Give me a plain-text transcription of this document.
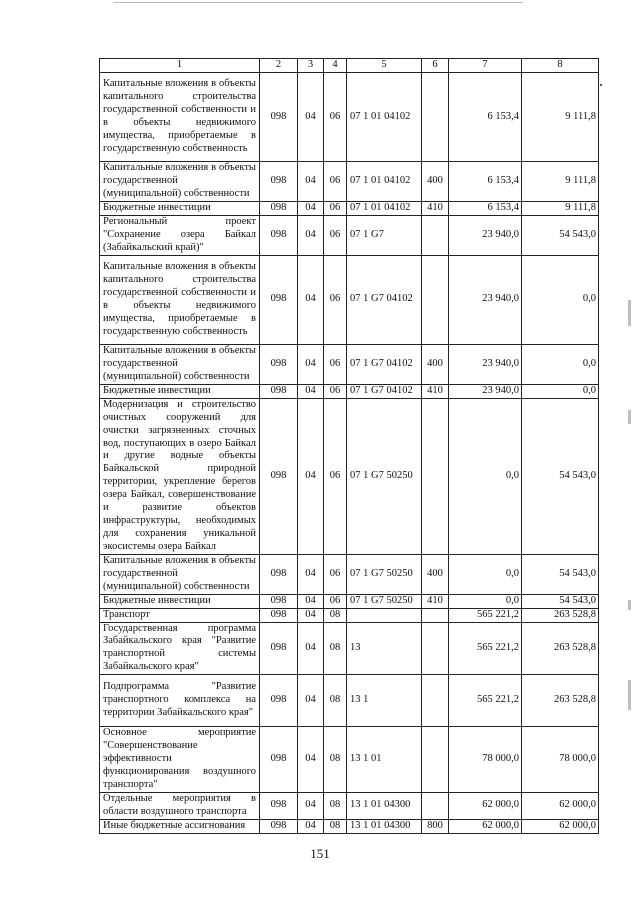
1	2	3	4	5	6	7	8
Капитальные вложения в объекты капитального строительства государственной собственности и в объекты недвижимого имущества, приобретаемые в государственную собственность	098	04	06	07 1 01 04102		6 153,4	9 111,8
Капитальные вложения в объекты государственной (муниципальной) собственности	098	04	06	07 1 01 04102	400	6 153,4	9 111,8
Бюджетные инвестиции	098	04	06	07 1 01 04102	410	6 153,4	9 111,8
Региональный проект "Сохранение озера Байкал (Забайкальский край)"	098	04	06	07 1 G7		23 940,0	54 543,0
Капитальные вложения в объекты капитального строительства государственной собственности и в объекты недвижимого имущества, приобретаемые в государственную собственность	098	04	06	07 1 G7 04102		23 940,0	0,0
Капитальные вложения в объекты государственной (муниципальной) собственности	098	04	06	07 1 G7 04102	400	23 940,0	0,0
Бюджетные инвестиции	098	04	06	07 1 G7 04102	410	23 940,0	0,0
Модернизация и строительство очистных сооружений для очистки загрязненных сточных вод, поступающих в озеро Байкал и другие водные объекты Байкальской природной территории, укрепление берегов озера Байкал, совершенствование и развитие объектов инфраструктуры, необходимых для сохранения уникальной экосистемы озера Байкал	098	04	06	07 1 G7 50250		0,0	54 543,0
Капитальные вложения в объекты государственной (муниципальной) собственности	098	04	06	07 1 G7 50250	400	0,0	54 543,0
Бюджетные инвестиции	098	04	06	07 1 G7 50250	410	0,0	54 543,0
Транспорт	098	04	08			565 221,2	263 528,8
Государственная программа Забайкальского края "Развитие транспортной системы Забайкальского края"	098	04	08	13		565 221,2	263 528,8
Подпрограмма "Развитие транспортного комплекса на территории Забайкальского края"	098	04	08	13 1		565 221,2	263 528,8
Основное мероприятие "Совершенствование эффективности функционирования воздушного транспорта"	098	04	08	13 1 01		78 000,0	78 000,0
Отдельные мероприятия в области воздушного транспорта	098	04	08	13 1 01 04300		62 000,0	62 000,0
Иные бюджетные ассигнования	098	04	08	13 1 01 04300	800	62 000,0	62 000,0
151
